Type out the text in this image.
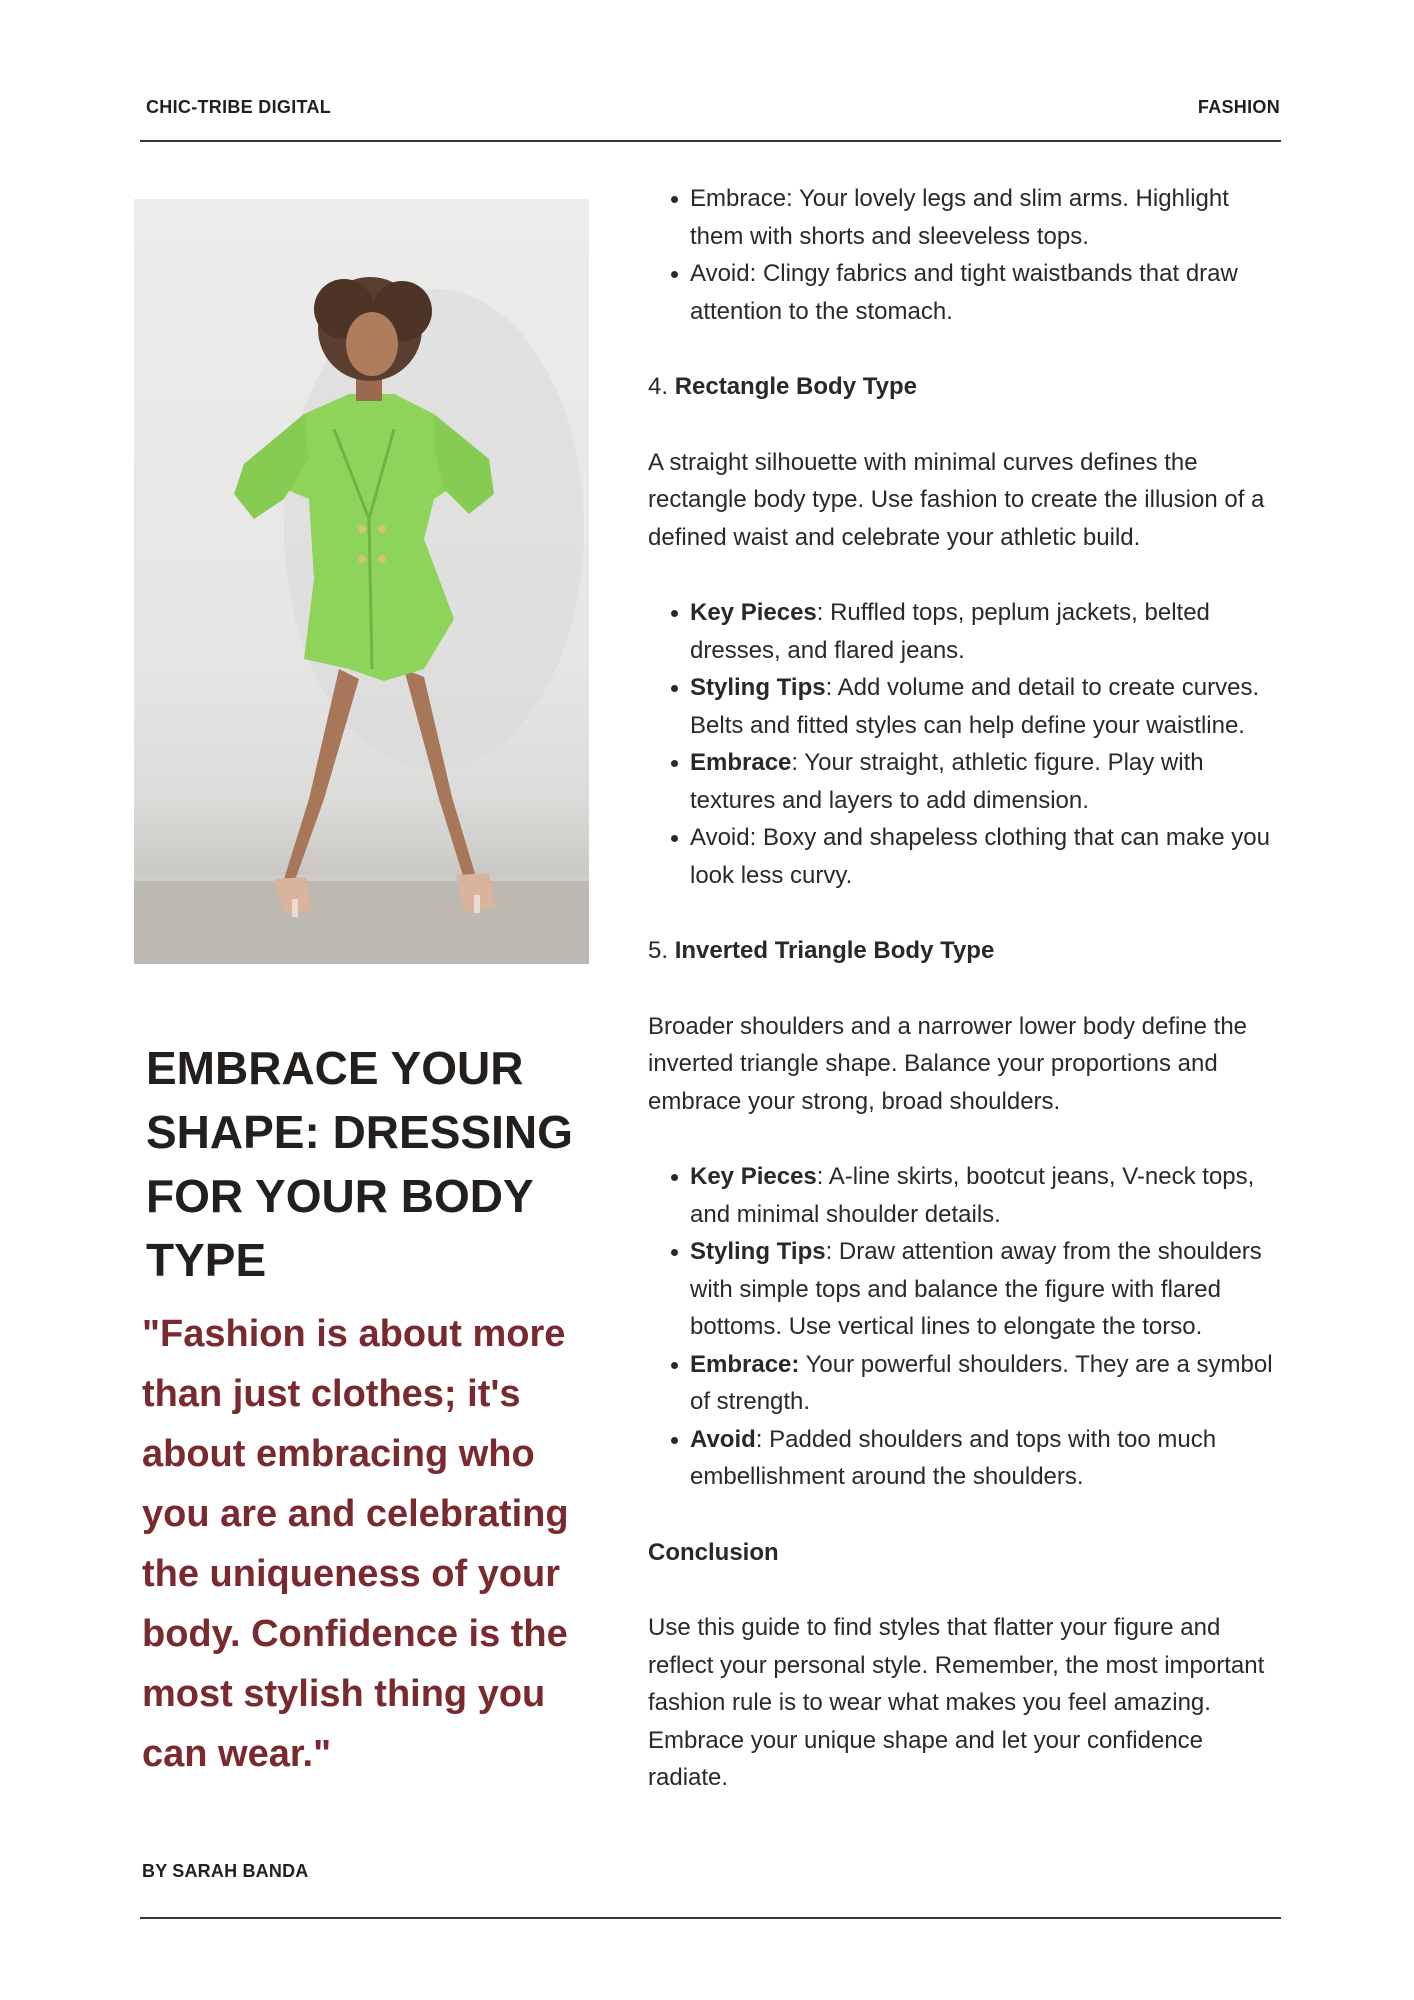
CHIC-TRIBE DIGITAL	FASHION
EMBRACE YOUR SHAPE: DRESSING FOR YOUR BODY TYPE

"Fashion is about more than just clothes; it's about embracing who you are and celebrating the uniqueness of your body. Confidence is the most stylish thing you can wear."

BY SARAH BANDA
Embrace: Your lovely legs and slim arms. Highlight them with shorts and sleeveless tops.
Avoid: Clingy fabrics and tight waistbands that draw attention to the stomach.

4. Rectangle Body Type

A straight silhouette with minimal curves defines the rectangle body type. Use fashion to create the illusion of a defined waist and celebrate your athletic build.

Key Pieces: Ruffled tops, peplum jackets, belted dresses, and flared jeans.
Styling Tips: Add volume and detail to create curves. Belts and fitted styles can help define your waistline.
Embrace: Your straight, athletic figure. Play with textures and layers to add dimension.
Avoid: Boxy and shapeless clothing that can make you look less curvy.

5. Inverted Triangle Body Type

Broader shoulders and a narrower lower body define the inverted triangle shape. Balance your proportions and embrace your strong, broad shoulders.

Key Pieces: A-line skirts, bootcut jeans, V-neck tops, and minimal shoulder details.
Styling Tips: Draw attention away from the shoulders with simple tops and balance the figure with flared bottoms. Use vertical lines to elongate the torso.
Embrace: Your powerful shoulders. They are a symbol of strength.
Avoid: Padded shoulders and tops with too much embellishment around the shoulders.

Conclusion

Use this guide to find styles that flatter your figure and reflect your personal style. Remember, the most important fashion rule is to wear what makes you feel amazing. Embrace your unique shape and let your confidence radiate.
